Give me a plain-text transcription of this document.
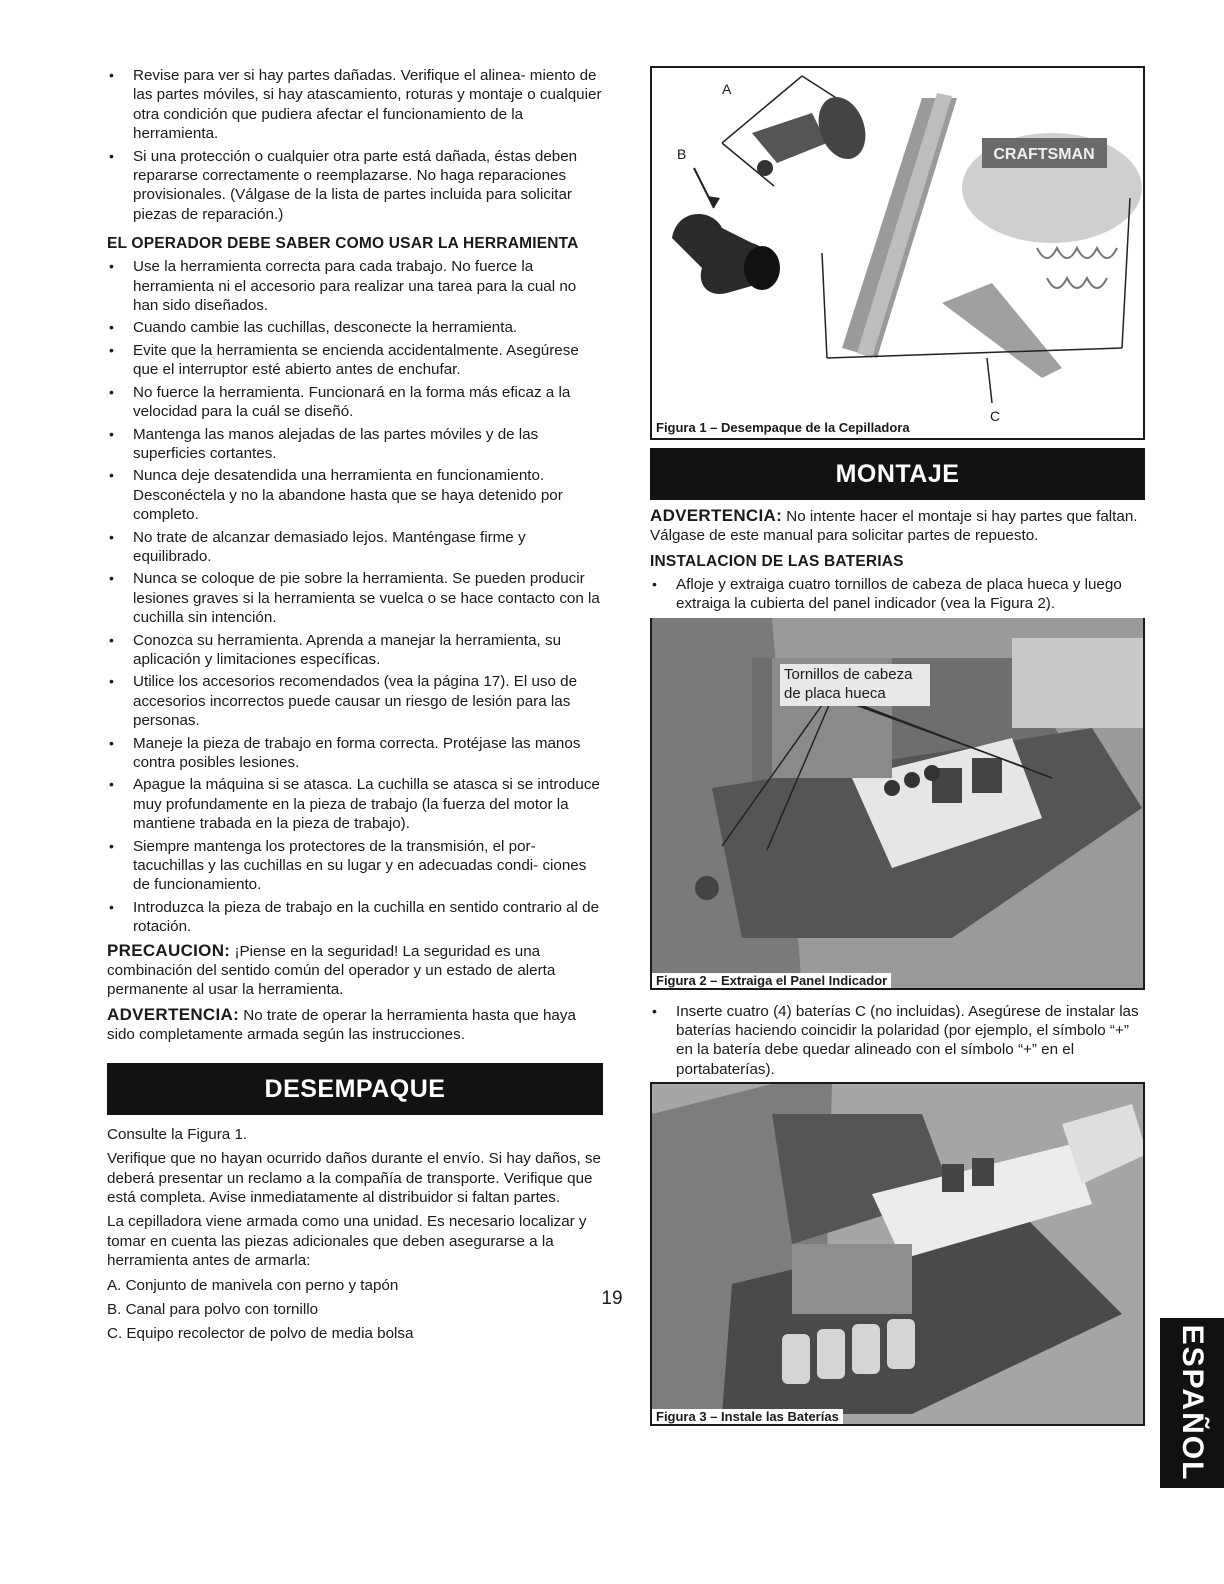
• Revise para ver si hay partes dañadas. Verifique el alinea- miento de las partes móviles, si hay atascamiento, roturas y montaje o cualquier otra condición que pudiera afectar el funcionamiento de la herramienta.
• Si una protección o cualquier otra parte está dañada, éstas deben repararse correctamente o reemplazarse. No haga reparaciones provisionales. (Válgase de la lista de partes incluida para solicitar piezas de reparación.)
EL OPERADOR DEBE SABER COMO USAR LA HERRAMIENTA
• Use la herramienta correcta para cada trabajo. No fuerce la herramienta ni el accesorio para realizar una tarea para la cual no han sido diseñados.
• Cuando cambie las cuchillas, desconecte la herramienta.
• Evite que la herramienta se encienda accidentalmente. Asegúrese que el interruptor esté abierto antes de enchufar.
• No fuerce la herramienta. Funcionará en la forma más eficaz a la velocidad para la cuál se diseñó.
• Mantenga las manos alejadas de las partes móviles y de las superficies cortantes.
• Nunca deje desatendida una herramienta en funcionamiento. Desconéctela y no la abandone hasta que se haya detenido por completo.
• No trate de alcanzar demasiado lejos. Manténgase firme y equilibrado.
• Nunca se coloque de pie sobre la herramienta. Se pueden producir lesiones graves si la herramienta se vuelca o se hace contacto con la cuchilla sin intención.
• Conozca su herramienta. Aprenda a manejar la herramienta, su aplicación y limitaciones específicas.
• Utilice los accesorios recomendados (vea la página 17). El uso de accesorios incorrectos puede causar un riesgo de lesión para las personas.
• Maneje la pieza de trabajo en forma correcta. Protéjase las manos contra posibles lesiones.
• Apague la máquina si se atasca. La cuchilla se atasca si se introduce muy profundamente en la pieza de trabajo (la fuerza del motor la mantiene trabada en la pieza de trabajo).
• Siempre mantenga los protectores de la transmisión, el por- tacuchillas y las cuchillas en su lugar y en adecuadas condi- ciones de funcionamiento.
• Introduzca la pieza de trabajo en la cuchilla en sentido contrario al de rotación.

PRECAUCION: ¡Piense en la seguridad! La seguridad es una combinación del sentido común del operador y un estado de alerta permanente al usar la herramienta.

ADVERTENCIA: No trate de operar la herramienta hasta que haya sido completamente armada según las instrucciones.

DESEMPAQUE

Consulte la Figura 1.

Verifique que no hayan ocurrido daños durante el envío. Si hay daños, se deberá presentar un reclamo a la compañía de transporte. Verifique que está completa. Avise inmediatamente al distribuidor si faltan partes.

La cepilladora viene armada como una unidad. Es necesario localizar y tomar en cuenta las piezas adicionales que deben asegurarse a la herramienta antes de armarla:

A. Conjunto de manivela con perno y tapón

B. Canal para polvo con tornillo

C. Equipo recolector de polvo de media bolsa

CRAFTSMAN
A
B
C
Figura 1 – Desempaque de la Cepilladora
MONTAJE

ADVERTENCIA: No intente hacer el montaje si hay partes que faltan. Válgase de este manual para solicitar partes de repuesto.

INSTALACION DE LAS BATERIAS
• Afloje y extraiga cuatro tornillos de cabeza de placa hueca y luego extraiga la cubierta del panel indicador (vea la Figura 2).
Tornillos de cabeza
de placa hueca
Figura 2 – Extraiga el Panel Indicador
• Inserte cuatro (4) baterías C (no incluidas). Asegúrese de instalar las baterías haciendo coincidir la polaridad (por ejemplo, el símbolo “+” en la batería debe quedar alineado con el símbolo “+” en el portabaterías).
Figura 3 – Instale las Baterías
19
ESPAÑOL
